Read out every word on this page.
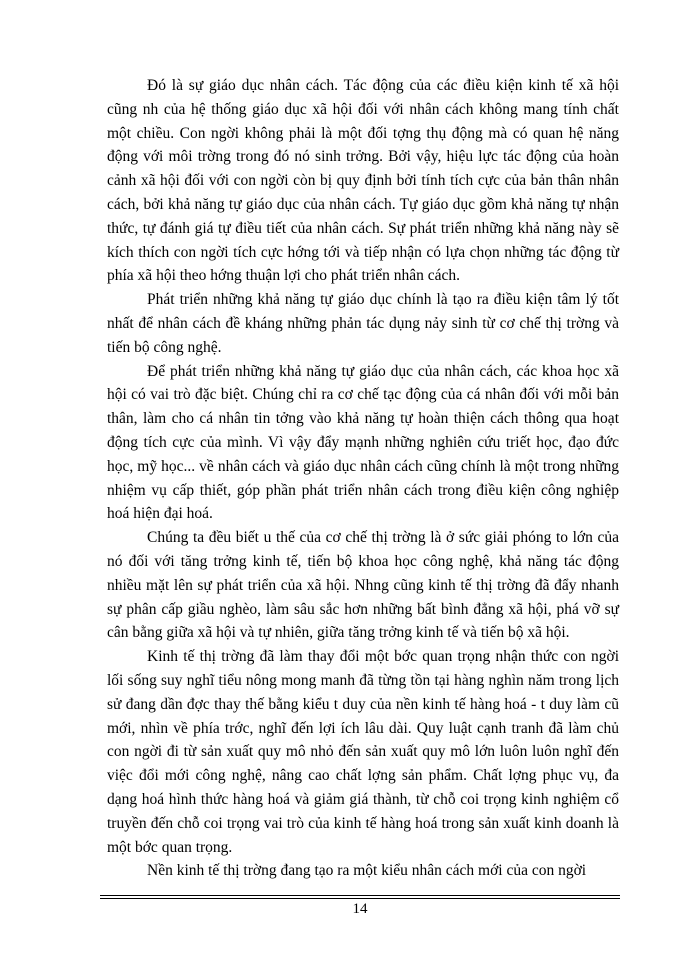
Đó là sự giáo dục nhân cách. Tác động của các điều kiện kinh tế xã hội cũng nh của hệ thống giáo dục xã hội đối với nhân cách không mang tính chất một chiều. Con ngời không phải là một đối tợng thụ động mà có quan hệ năng động với môi trờng trong đó nó sinh trởng. Bởi vậy, hiệu lực tác động của hoàn cảnh xã hội đối với con ngời còn bị quy định bởi tính tích cực của bản thân nhân cách, bởi khả năng tự giáo dục của nhân cách. Tự giáo dục gồm khả năng tự nhận thức, tự đánh giá tự điều tiết của nhân cách. Sự phát triển những khả năng này sẽ kích thích con ngời tích cực hớng tới và tiếp nhận có lựa chọn những tác động từ phía xã hội theo hớng thuận lợi cho phát triển nhân cách.

Phát triển những khả năng tự giáo dục chính là tạo ra điều kiện tâm lý tốt nhất để nhân cách đề kháng những phản tác dụng nảy sinh từ cơ chế thị trờng và tiến bộ công nghệ.

Để phát triển những khả năng tự giáo dục của nhân cách, các khoa học xã hội có vai trò đặc biệt. Chúng chỉ ra cơ chế tạc động của cá nhân đối với mỗi bản thân, làm cho cá nhân tin tởng vào khả năng tự hoàn thiện cách thông qua hoạt động tích cực của mình. Vì vậy đẩy mạnh những nghiên cứu triết học, đạo đức học, mỹ học... về nhân cách và giáo dục nhân cách cũng chính là một trong những nhiệm vụ cấp thiết, góp phần phát triển nhân cách trong điều kiện công nghiệp hoá hiện đại hoá.

Chúng ta đều biết u thế của cơ chế thị trờng là ở sức giải phóng to lớn của nó đối với tăng trởng kinh tế, tiến bộ khoa học công nghệ, khả năng tác động nhiều mặt lên sự phát triển của xã hội. Nhng cũng kinh tế thị trờng đã đẩy nhanh sự phân cấp giầu nghèo, làm sâu sắc hơn những bất bình đẳng xã hội, phá vỡ sự cân bằng giữa xã hội và tự nhiên, giữa tăng trởng kinh tế và tiến bộ xã hội.

Kinh tế thị trờng đã làm thay đổi một bớc quan trọng nhận thức con ngời lối sống suy nghĩ tiểu nông mong manh đã từng tồn tại hàng nghìn năm trong lịch sử đang dần đợc thay thế bằng kiểu t duy của nền kinh tế hàng hoá - t duy làm cũ mới, nhìn về phía trớc, nghĩ đến lợi ích lâu dài. Quy luật cạnh tranh đã làm chủ con ngời đi từ sản xuất quy mô nhỏ đến sản xuất quy mô lớn luôn luôn nghĩ đến việc đổi mới công nghệ, nâng cao chất lợng sản phẩm. Chất lợng phục vụ, đa dạng hoá hình thức hàng hoá và giảm giá thành, từ chỗ coi trọng kinh nghiệm cổ truyền đến chỗ coi trọng vai trò của kinh tế hàng hoá trong sản xuất kinh doanh là một bớc quan trọng.

Nền kinh tế thị trờng đang tạo ra một kiểu nhân cách mới của con ngời

14
